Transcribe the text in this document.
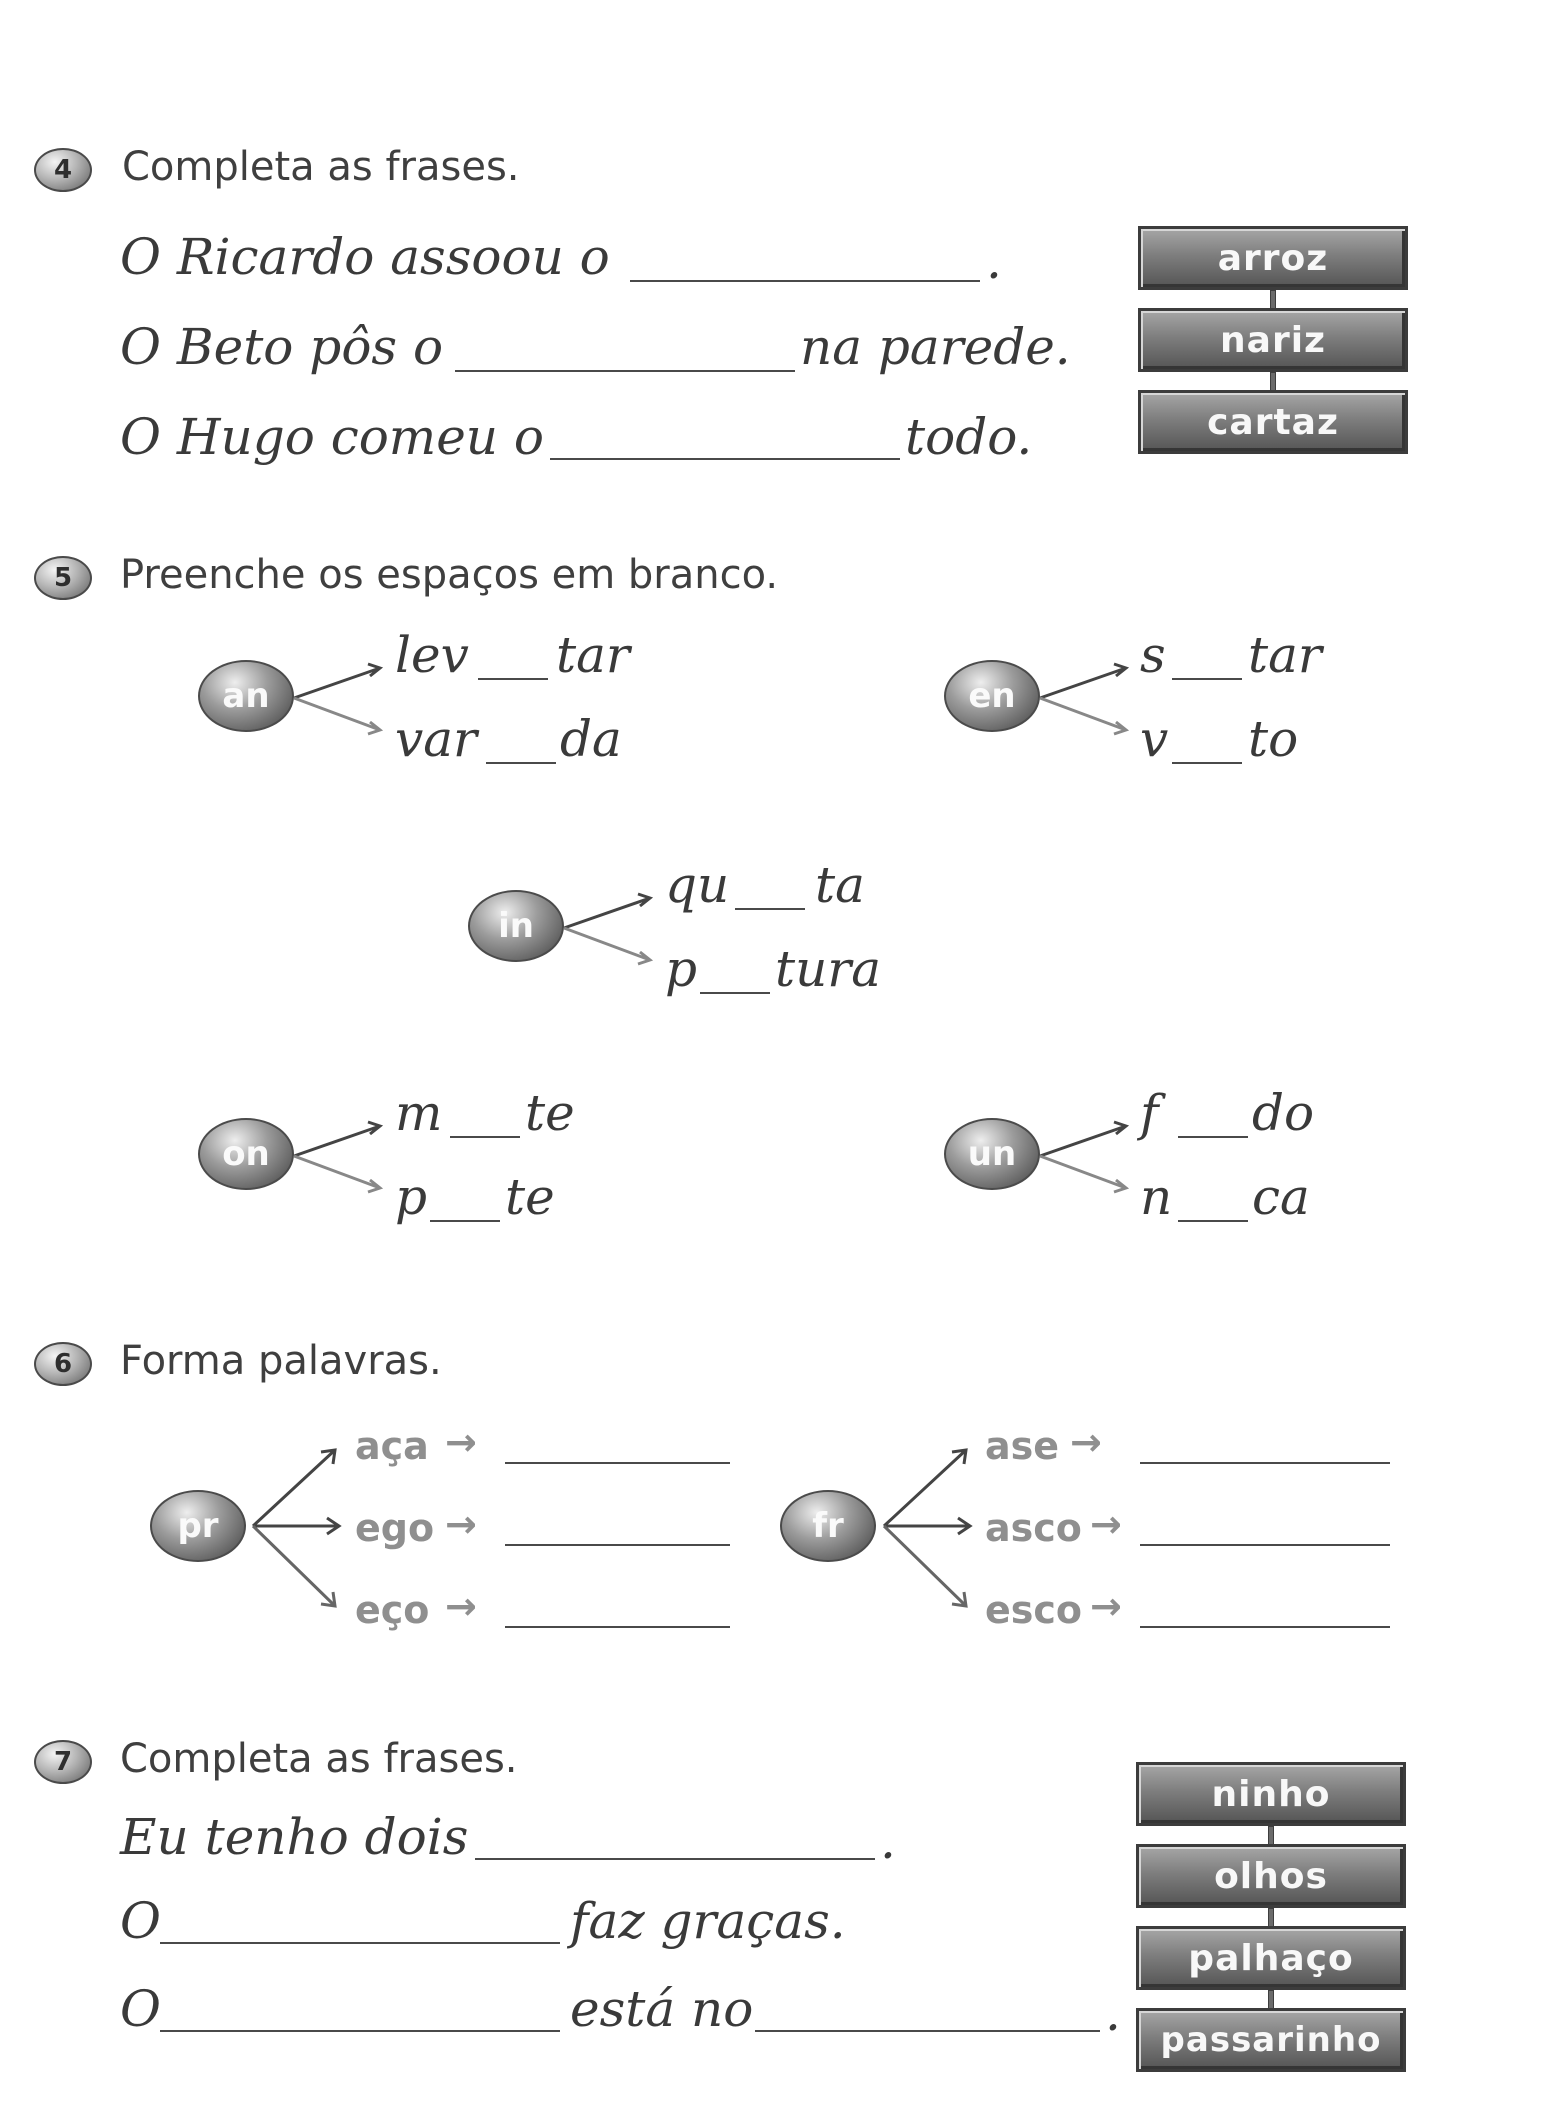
4	Completa as frases.
O Ricardo assoou o	.
O Beto pôs o	na parede.
O Hugo comeu o	todo.
arroz
nariz
cartaz
5	Preenche os espaços em branco.
an
lev tar
var da
en
s tar
v to
in
qu ta
p tura
on
m te
p te
un
f do
n ca
6	Forma palavras.
pr
aça →
ego →
eço →
fr
ase →
asco →
esco →
7	Completa as frases.
Eu tenho dois	.
O	faz graças.
O	está no	.
ninho
olhos
palhaço
passarinho
